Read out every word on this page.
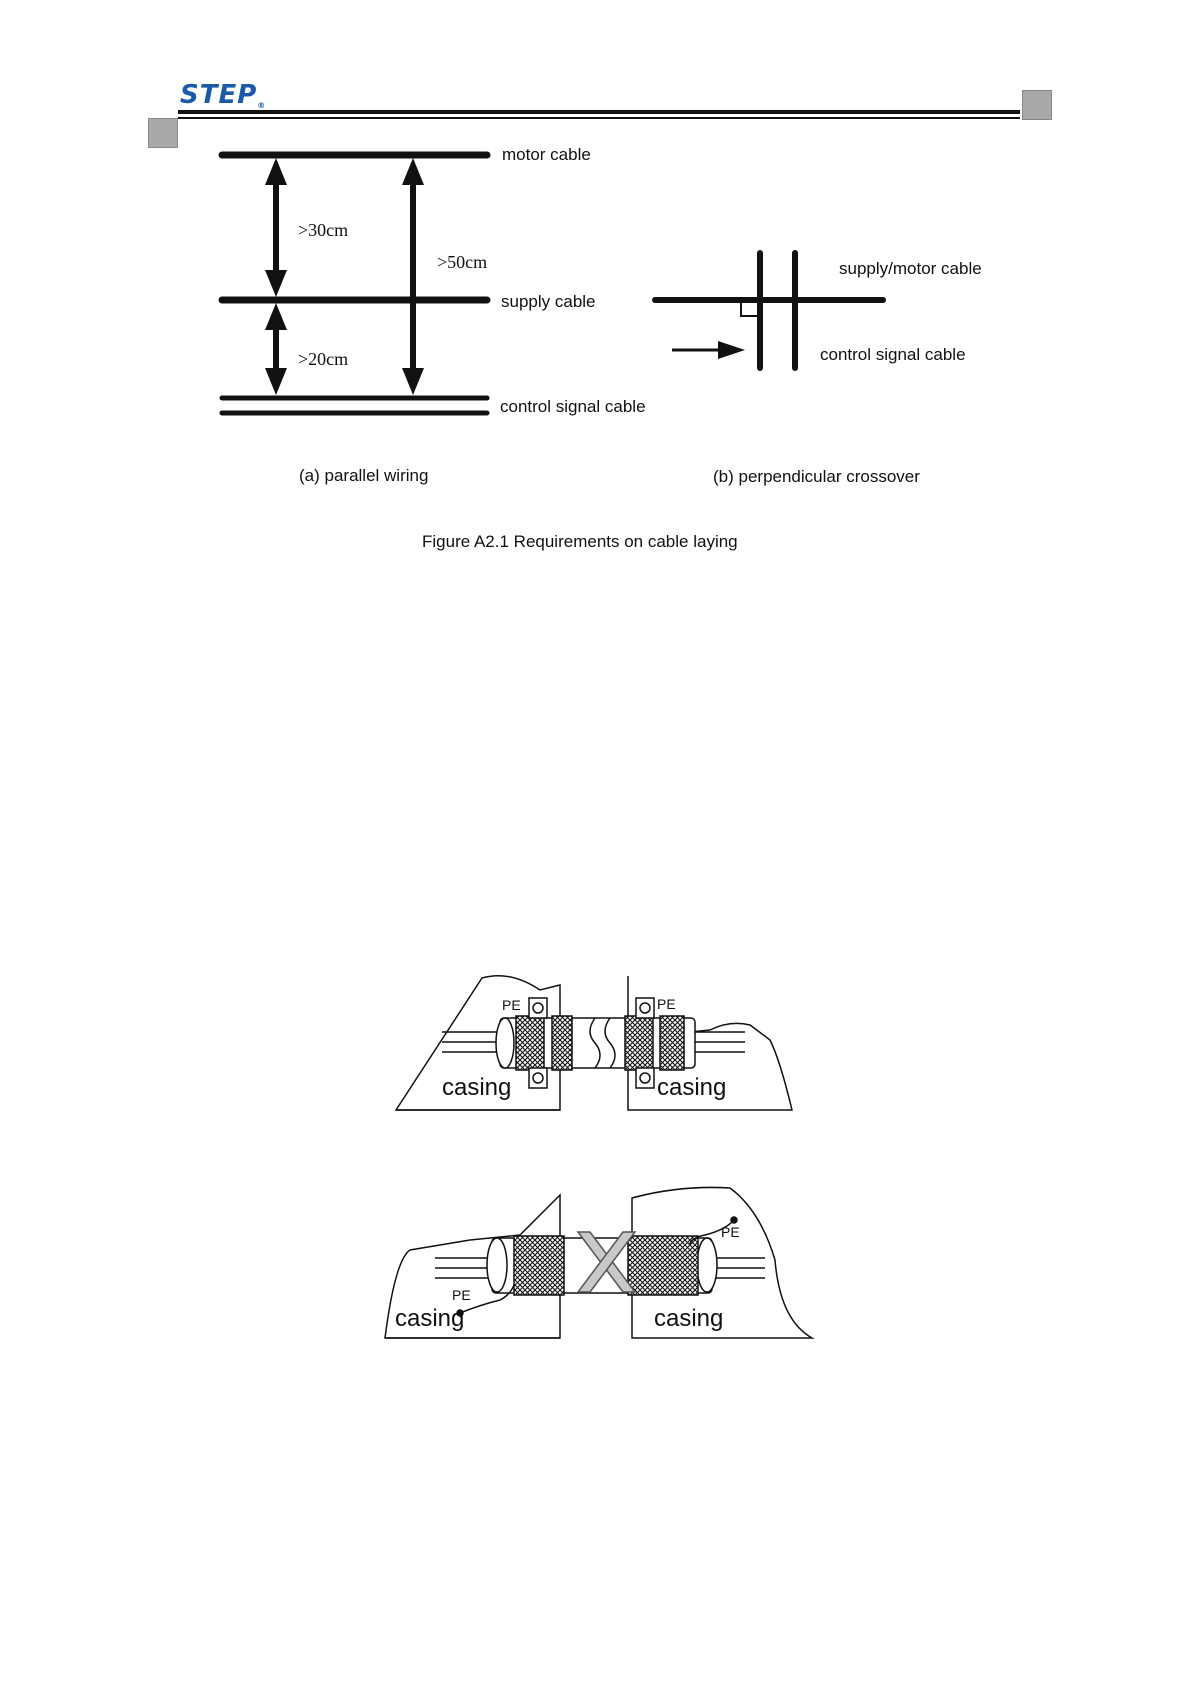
STEP®
motor cable
>30cm
>50cm
supply cable
>20cm
control signal cable
(a) parallel wiring
supply/motor cable
control signal cable
(b) perpendicular crossover
Figure A2.1 Requirements on cable laying
PE	PE
casing	casing
PE
PE
casing	casing
